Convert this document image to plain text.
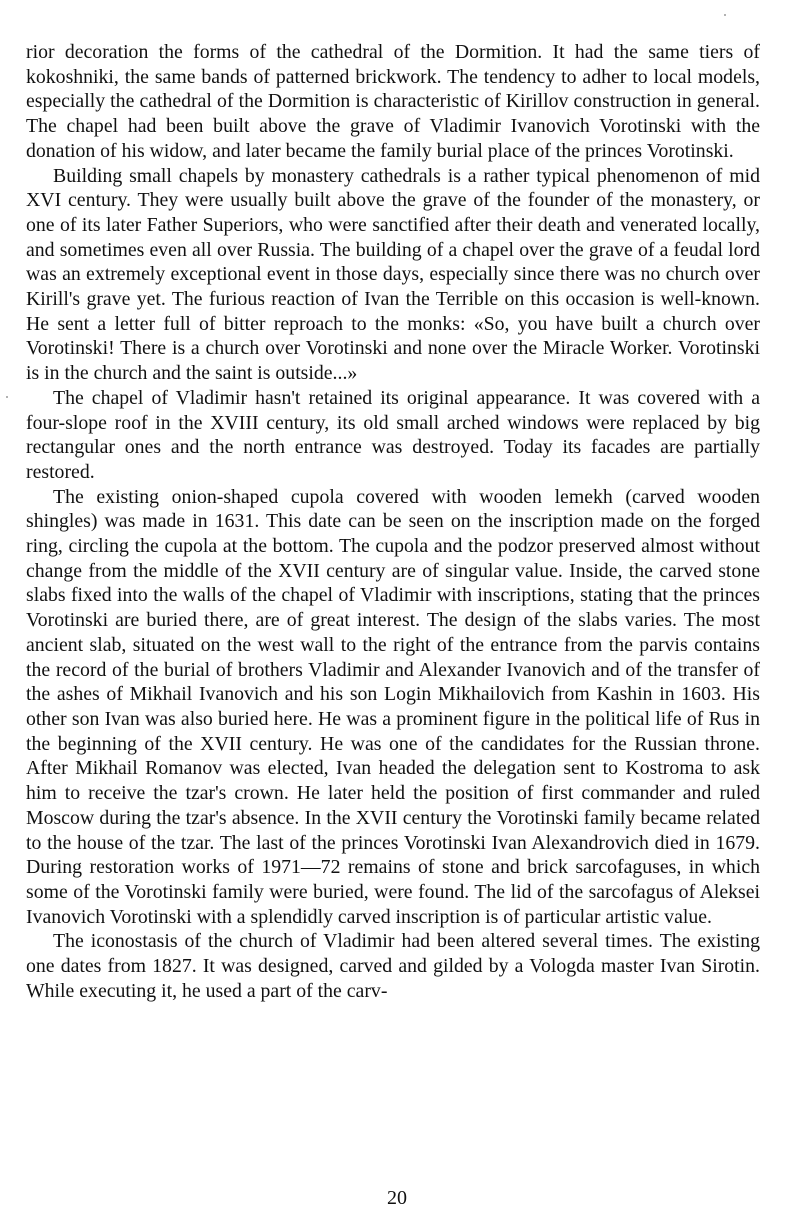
rior decoration the forms of the cathedral of the Dormition. It had the same tiers of kokoshniki, the same bands of patterned brickwork. The tendency to adher to local models, especially the cathedral of the Dormition is characteristic of Kirillov construction in general. The chapel had been built above the grave of Vladimir Ivanovich Vorotinski with the donation of his widow, and later became the family burial place of the princes Vorotinski.

Building small chapels by monastery cathedrals is a rather typical phenomenon of mid XVI century. They were usually built above the grave of the founder of the monastery, or one of its later Father Superiors, who were sanctified after their death and venerated locally, and sometimes even all over Russia. The building of a chapel over the grave of a feudal lord was an extremely exceptional event in those days, especially since there was no church over Kirill's grave yet. The furious reaction of Ivan the Terrible on this occasion is well-known. He sent a letter full of bitter reproach to the monks: «So, you have built a church over Vorotinski! There is a church over Vorotinski and none over the Miracle Worker. Vorotinski is in the church and the saint is outside...»

The chapel of Vladimir hasn't retained its original appearance. It was covered with a four-slope roof in the XVIII century, its old small arched windows were replaced by big rectangular ones and the north entrance was destroyed. Today its facades are partially restored.

The existing onion-shaped cupola covered with wooden lemekh (carved wooden shingles) was made in 1631. This date can be seen on the inscription made on the forged ring, circling the cupola at the bottom. The cupola and the podzor preserved almost without change from the middle of the XVII century are of singular value. Inside, the carved stone slabs fixed into the walls of the chapel of Vladimir with inscriptions, stating that the princes Vorotinski are buried there, are of great interest. The design of the slabs varies. The most ancient slab, situated on the west wall to the right of the entrance from the parvis contains the record of the burial of brothers Vladimir and Alexander Ivanovich and of the transfer of the ashes of Mikhail Ivanovich and his son Login Mikhailovich from Kashin in 1603. His other son Ivan was also buried here. He was a prominent figure in the political life of Rus in the beginning of the XVII century. He was one of the candidates for the Russian throne. After Mikhail Romanov was elected, Ivan headed the delegation sent to Kostroma to ask him to receive the tzar's crown. He later held the position of first commander and ruled Moscow during the tzar's absence. In the XVII century the Vorotinski family became related to the house of the tzar. The last of the princes Vorotinski Ivan Alexandrovich died in 1679. During restoration works of 1971—72 remains of stone and brick sarcofaguses, in which some of the Vorotinski family were buried, were found. The lid of the sarcofagus of Aleksei Ivanovich Vorotinski with a splendidly carved inscription is of particular artistic value.

The iconostasis of the church of Vladimir had been altered several times. The existing one dates from 1827. It was designed, carved and gilded by a Vologda master Ivan Sirotin. While executing it, he used a part of the carv-

20
